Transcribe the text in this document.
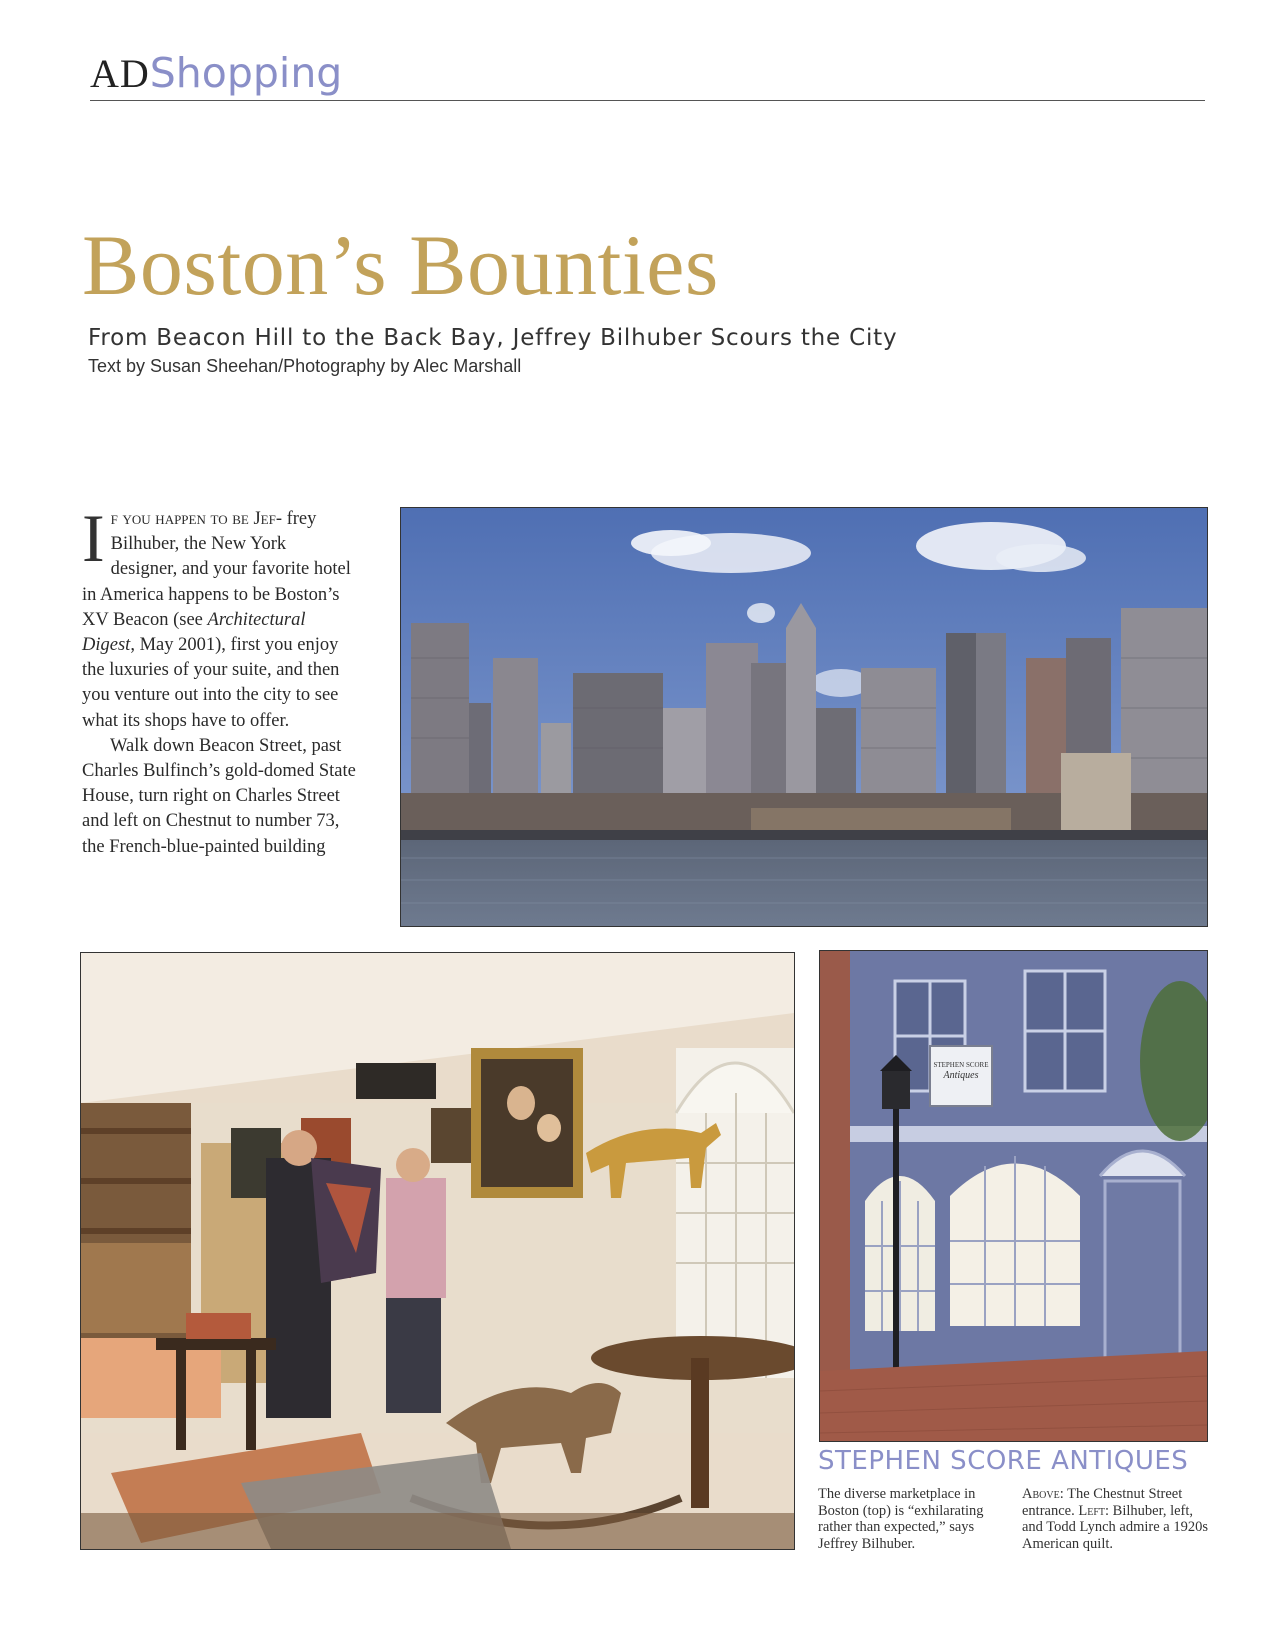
ADShopping
Boston’s Bounties
From Beacon Hill to the Back Bay, Jeffrey Bilhuber Scours the City
Text by Susan Sheehan/Photography by Alec Marshall

If you happen to be Jef- frey Bilhuber, the New York designer, and your favorite hotel in America happens to be Boston’s XV Beacon (see Architectural Digest, May 2001), first you enjoy the luxuries of your suite, and then you venture out into the city to see what its shops have to offer.

Walk down Beacon Street, past Charles Bulfinch’s gold-domed State House, turn right on Charles Street and left on Chestnut to number 73, the French-blue-painted building

STEPHEN SCORE
Antiques
STEPHEN SCORE ANTIQUES
The diverse marketplace in Boston (top) is “exhilarating rather than expected,” says Jeffrey Bilhuber.
Above: The Chestnut Street entrance. Left: Bilhuber, left, and Todd Lynch admire a 1920s American quilt.
